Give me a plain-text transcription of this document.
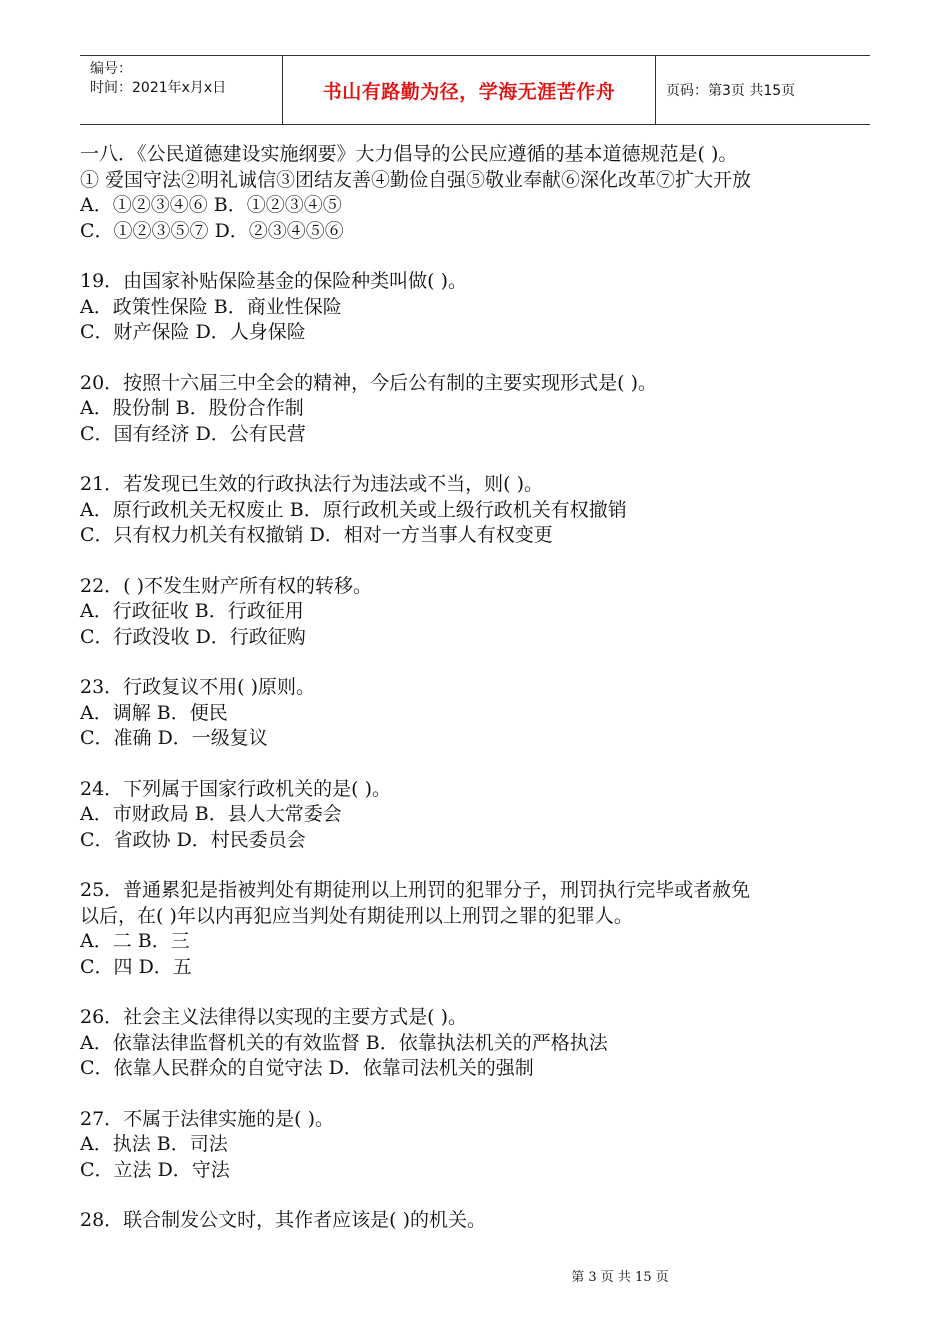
编号：
时间：2021年x月x日	书山有路勤为径，学海无涯苦作舟	页码：第3页 共15页
一八．《公民道德建设实施纲要》大力倡导的公民应遵循的基本道德规范是( )。
① 爱国守法②明礼诚信③团结友善④勤俭自强⑤敬业奉献⑥深化改革⑦扩大开放
A．①②③④⑥ B．①②③④⑤
C．①②③⑤⑦ D．②③④⑤⑥
19．由国家补贴保险基金的保险种类叫做( )。
A．政策性保险 B．商业性保险
C．财产保险 D．人身保险
20．按照十六届三中全会的精神，今后公有制的主要实现形式是( )。
A．股份制 B．股份合作制
C．国有经济 D．公有民营
21．若发现已生效的行政执法行为违法或不当，则( )。
A．原行政机关无权废止 B．原行政机关或上级行政机关有权撤销
C．只有权力机关有权撤销 D．相对一方当事人有权变更
22．( )不发生财产所有权的转移。
A．行政征收 B．行政征用
C．行政没收 D．行政征购
23．行政复议不用( )原则。
A．调解 B．便民
C．准确 D．一级复议
24．下列属于国家行政机关的是( )。
A．市财政局 B．县人大常委会
C．省政协 D．村民委员会
25．普通累犯是指被判处有期徒刑以上刑罚的犯罪分子，刑罚执行完毕或者赦免
以后，在( )年以内再犯应当判处有期徒刑以上刑罚之罪的犯罪人。
A．二 B．三
C．四 D．五
26．社会主义法律得以实现的主要方式是( )。
A．依靠法律监督机关的有效监督 B．依靠执法机关的严格执法
C．依靠人民群众的自觉守法 D．依靠司法机关的强制
27．不属于法律实施的是( )。
A．执法 B．司法
C．立法 D．守法
28．联合制发公文时，其作者应该是( )的机关。
第 3 页 共 15 页
